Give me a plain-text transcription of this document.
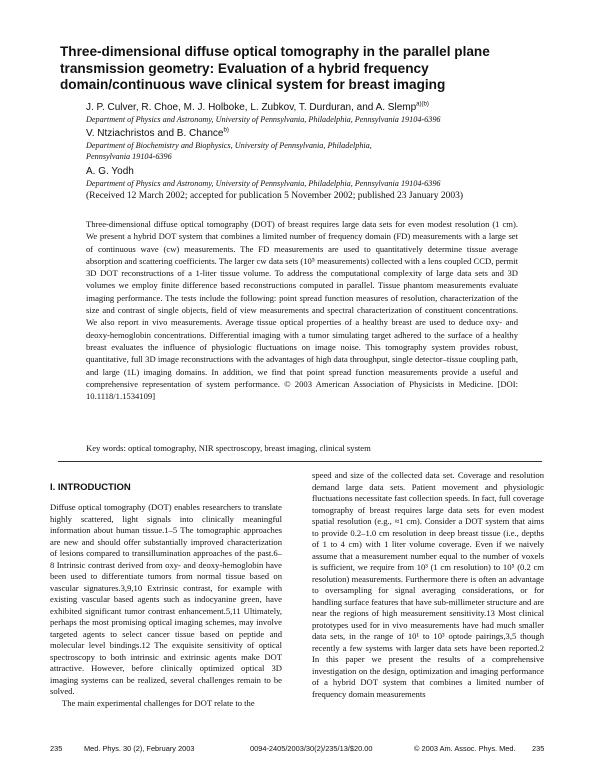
Three-dimensional diffuse optical tomography in the parallel plane transmission geometry: Evaluation of a hybrid frequency domain/continuous wave clinical system for breast imaging
J. P. Culver, R. Choe, M. J. Holboke, L. Zubkov, T. Durduran, and A. Slemp$^{a)(b)}$
Department of Physics and Astronomy, University of Pennsylvania, Philadelphia, Pennsylvania 19104-6396
V. Ntziachristos and B. Chance$^{b)}$
Department of Biochemistry and Biophysics, University of Pennsylvania, Philadelphia, Pennsylvania 19104-6396
A. G. Yodh
Department of Physics and Astronomy, University of Pennsylvania, Philadelphia, Pennsylvania 19104-6396
(Received 12 March 2002; accepted for publication 5 November 2002; published 23 January 2003)
Three-dimensional diffuse optical tomography (DOT) of breast requires large data sets for even modest resolution (1 cm). We present a hybrid DOT system that combines a limited number of frequency domain (FD) measurements with a large set of continuous wave (cw) measurements. The FD measurements are used to quantitatively determine tissue average absorption and scattering coefficients. The larger cw data sets (10⁵ measurements) collected with a lens coupled CCD, permit 3D DOT reconstructions of a 1-liter tissue volume. To address the computational complexity of large data sets and 3D volumes we employ finite difference based reconstructions computed in parallel. Tissue phantom measurements evaluate imaging performance. The tests include the following: point spread function measures of resolution, characterization of the size and contrast of single objects, field of view measurements and spectral characterization of constituent concentrations. We also report in vivo measurements. Average tissue optical properties of a healthy breast are used to deduce oxy- and deoxy-hemoglobin concentrations. Differential imaging with a tumor simulating target adhered to the surface of a healthy breast evaluates the influence of physiologic fluctuations on image noise. This tomography system provides robust, quantitative, full 3D image reconstructions with the advantages of high data throughput, single detector–tissue coupling path, and large (1L) imaging domains. In addition, we find that point spread function measurements provide a useful and comprehensive representation of system performance. © 2003 American Association of Physicists in Medicine. [DOI: 10.1118/1.1534109]
Key words: optical tomography, NIR spectroscopy, breast imaging, clinical system
I. INTRODUCTION

Diffuse optical tomography (DOT) enables researchers to translate highly scattered, light signals into clinically meaningful information about human tissue.1–5 The tomographic approaches are new and should offer substantially improved characterization of lesions compared to transillumination approaches of the past.6–8 Intrinsic contrast derived from oxy- and deoxy-hemoglobin have been used to differentiate tumors from normal tissue based on vascular signatures.3,9,10 Extrinsic contrast, for example with existing vascular based agents such as indocyanine green, have exhibited significant tumor contrast enhancement.5,11 Ultimately, perhaps the most promising optical imaging schemes, may involve targeted agents to select cancer tissue based on peptide and molecular level bindings.12 The exquisite sensitivity of optical spectroscopy to both intrinsic and extrinsic agents make DOT attractive. However, before clinically optimized optical 3D imaging systems can be realized, several challenges remain to be solved.

The main experimental challenges for DOT relate to the

speed and size of the collected data set. Coverage and resolution demand large data sets. Patient movement and physiologic fluctuations necessitate fast collection speeds. In fact, full coverage tomography of breast requires large data sets for even modest spatial resolution (e.g., ≈1 cm). Consider a DOT system that aims to provide 0.2–1.0 cm resolution in deep breast tissue (i.e., depths of 1 to 4 cm) with 1 liter volume coverage. Even if we naively assume that a measurement number equal to the number of voxels is sufficient, we require from 10³ (1 cm resolution) to 10⁵ (0.2 cm resolution) measurements. Furthermore there is often an advantage to oversampling for signal averaging considerations, or for handling surface features that have sub-millimeter structure and are near the regions of high measurement sensitivity.13 Most clinical prototypes used for in vivo measurements have had much smaller data sets, in the range of 10¹ to 10³ optode pairings,3,5 though recently a few systems with larger data sets have been reported.2 In this paper we present the results of a comprehensive investigation on the design, optimization and imaging performance of a hybrid DOT system that combines a limited number of frequency domain measurements

235	Med. Phys. 30 (2), February 2003	0094-2405/2003/30(2)/235/13/$20.00	© 2003 Am. Assoc. Phys. Med. 235
